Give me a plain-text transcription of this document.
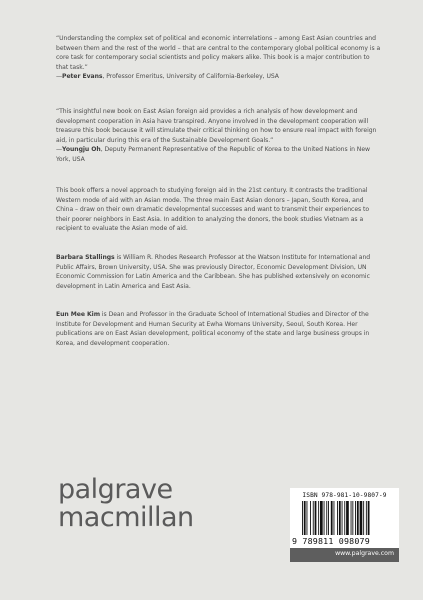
“Understanding the complex set of political and economic interrelations – among East Asian countries and between them and the rest of the world – that are central to the contemporary global political economy is a core task for contemporary social scientists and policy makers alike. This book is a major contribution to that task.”
—Peter Evans, Professor Emeritus, University of California-Berkeley, USA

“This insightful new book on East Asian foreign aid provides a rich analysis of how development and development cooperation in Asia have transpired. Anyone involved in the development cooperation will treasure this book because it will stimulate their critical thinking on how to ensure real impact with foreign aid, in particular during this era of the Sustainable Development Goals.”
—Youngju Oh, Deputy Permanent Representative of the Republic of Korea to the United Nations in New York, USA

This book offers a novel approach to studying foreign aid in the 21st century. It contrasts the traditional Western mode of aid with an Asian mode. The three main East Asian donors – Japan, South Korea, and China – draw on their own dramatic developmental successes and want to transmit their experiences to their poorer neighbors in East Asia. In addition to analyzing the donors, the book studies Vietnam as a recipient to evaluate the Asian mode of aid.

Barbara Stallings is William R. Rhodes Research Professor at the Watson Institute for International and Public Affairs, Brown University, USA. She was previously Director, Economic Development Division, UN Economic Commission for Latin America and the Caribbean. She has published extensively on economic development in Latin America and East Asia.

Eun Mee Kim is Dean and Professor in the Graduate School of International Studies and Director of the Institute for Development and Human Security at Ewha Womans University, Seoul, South Korea. Her publications are on East Asian development, political economy of the state and large business groups in Korea, and development cooperation.

palgrave
macmillan
ISBN 978-981-10-9807-9
9 789811 098079
www.palgrave.com
